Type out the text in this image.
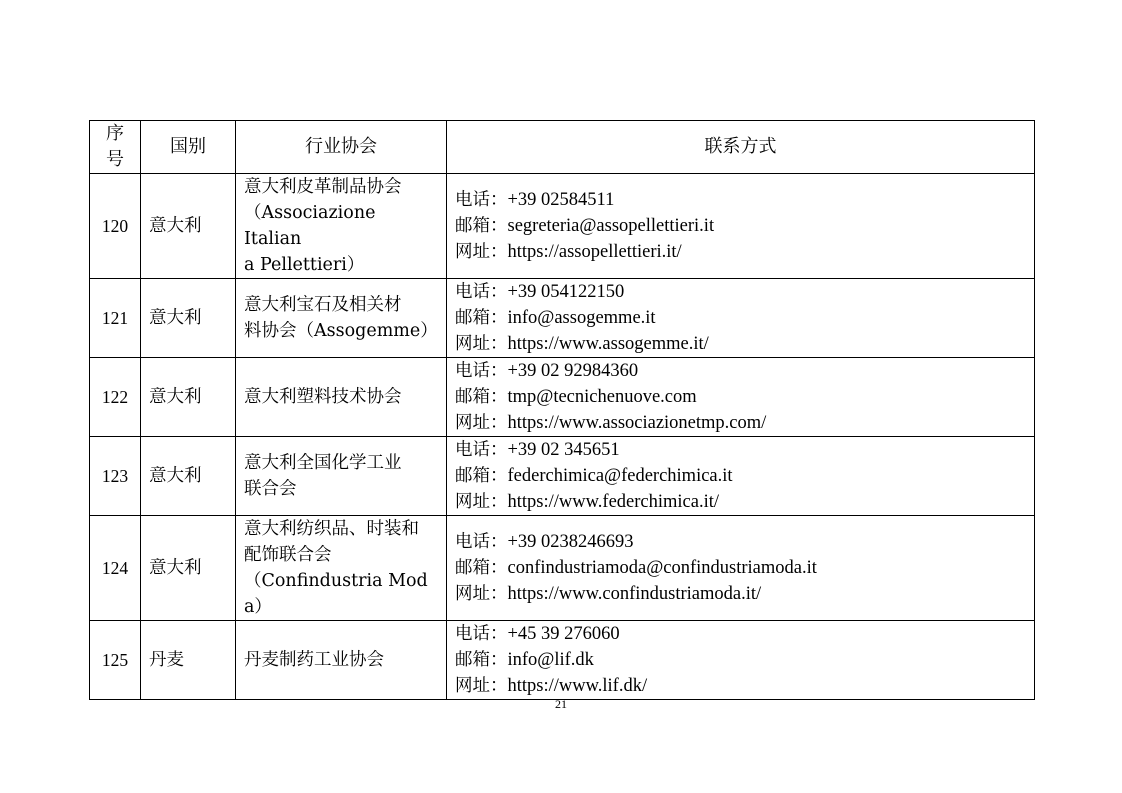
序号	国别	行业协会	联系方式
120	意大利	意大利皮革制品协会
（Associazione Italian
a Pellettieri）	电话：+39 02584511
邮箱：segreteria@assopellettieri.it
网址：https://assopellettieri.it/

121	意大利	意大利宝石及相关材
料协会（Assogemme）	电话：+39 054122150
邮箱：info@assogemme.it
网址：https://www.assogemme.it/

122	意大利	意大利塑料技术协会	电话：+39 02 92984360
邮箱：tmp@tecnichenuove.com
网址：https://www.associazionetmp.com/

123	意大利	意大利全国化学工业
联合会	电话：+39 02 345651
邮箱：federchimica@federchimica.it
网址：https://www.federchimica.it/

124	意大利	意大利纺织品、时装和
配饰联合会
（Confindustria Mod
a）	电话：+39 0238246693
邮箱：confindustriamoda@confindustriamoda.it
网址：https://www.confindustriamoda.it/

125	丹麦	丹麦制药工业协会	电话：+45 39 276060
邮箱：info@lif.dk
网址：https://www.lif.dk/
21
